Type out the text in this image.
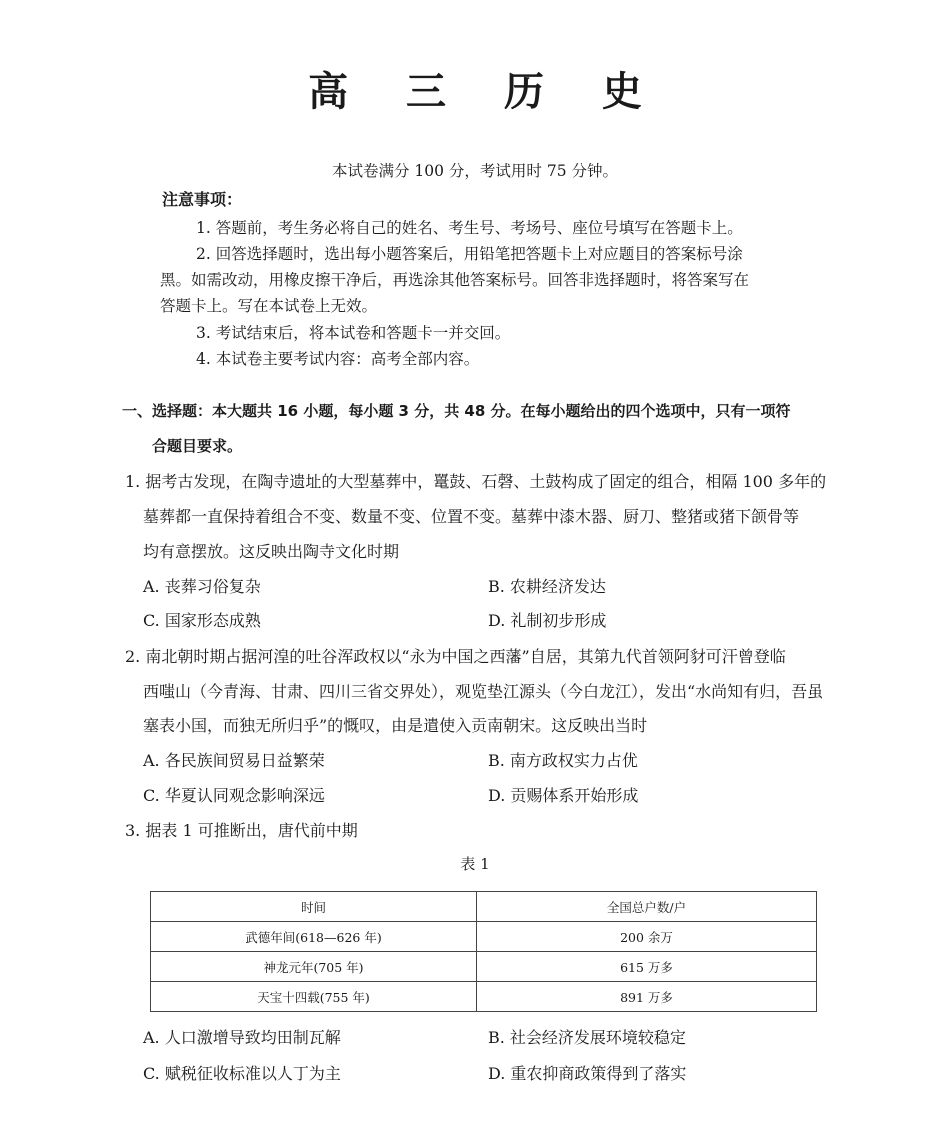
高 三 历 史
本试卷满分 100 分，考试用时 75 分钟。
注意事项：
1. 答题前，考生务必将自己的姓名、考生号、考场号、座位号填写在答题卡上。
2. 回答选择题时，选出每小题答案后，用铅笔把答题卡上对应题目的答案标号涂
黑。如需改动，用橡皮擦干净后，再选涂其他答案标号。回答非选择题时，将答案写在
答题卡上。写在本试卷上无效。
3. 考试结束后，将本试卷和答题卡一并交回。
4. 本试卷主要考试内容：高考全部内容。
一、选择题：本大题共 16 小题，每小题 3 分，共 48 分。在每小题给出的四个选项中，只有一项符
合题目要求。
1. 据考古发现，在陶寺遗址的大型墓葬中，鼍鼓、石磬、土鼓构成了固定的组合，相隔 100 多年的
墓葬都一直保持着组合不变、数量不变、位置不变。墓葬中漆木器、厨刀、整猪或猪下颌骨等
均有意摆放。这反映出陶寺文化时期
A. 丧葬习俗复杂	B. 农耕经济发达
C. 国家形态成熟	D. 礼制初步形成
2. 南北朝时期占据河湟的吐谷浑政权以“永为中国之西藩”自居，其第九代首领阿豺可汗曾登临
西嗤山（今青海、甘肃、四川三省交界处），观览垫江源头（今白龙江），发出“水尚知有归，吾虽
塞表小国，而独无所归乎”的慨叹，由是遣使入贡南朝宋。这反映出当时
A. 各民族间贸易日益繁荣	B. 南方政权实力占优
C. 华夏认同观念影响深远	D. 贡赐体系开始形成
3. 据表 1 可推断出，唐代前中期
表 1
时间	全国总户数/户
武德年间(618—626 年)	200 余万
神龙元年(705 年)	615 万多
天宝十四载(755 年)	891 万多
A. 人口激增导致均田制瓦解	B. 社会经济发展环境较稳定
C. 赋税征收标准以人丁为主	D. 重农抑商政策得到了落实
